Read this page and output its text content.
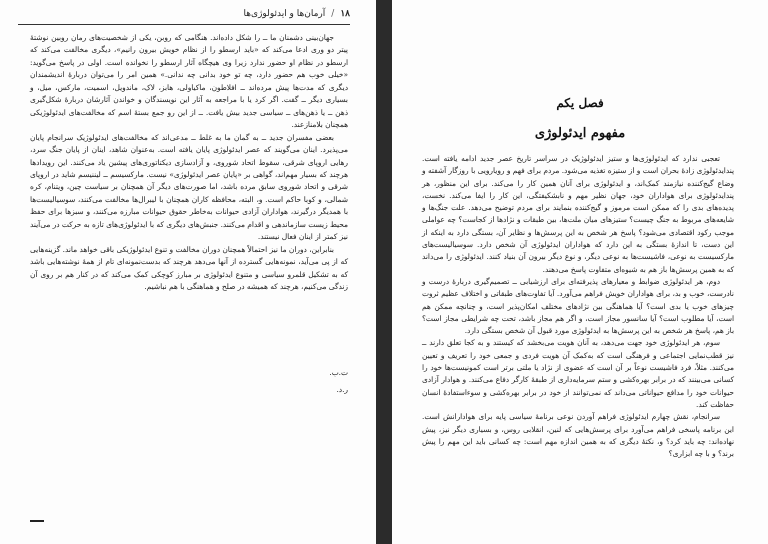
۱۸
/
آرمان‌ها و ایدئولوژی‌ها

جهان‌بینی دشمنان ما ــ را شکل داده‌اند. هنگامی که روبن، یکی از شخصیت‌های رمان روبین نوشتهٔ پیتر دو وری ادعا می‌کند که «باید ارسطو را از نظام خویش بیرون رانیم»، دیگری مخالفت می‌کند که ارسطو در نظام او حضور ندارد زیرا وی هیچگاه آثار ارسطو را نخوانده است. اولی در پاسخ می‌گوید: «خیلی خوب هم حضور دارد، چه تو خود بدانی چه ندانی.» همین امر را می‌توان دربارهٔ اندیشمندان دیگری که مدت‌ها پیش مرده‌اند ــ افلاطون، ماکیاولی، هابز، لاک، ماندویل، اسمیت، مارکس، میل، و بسیاری دیگر ــ گفت. اگر کرد یا با مراجعه به آثار این نویسندگان و خواندن آثارشان دربارهٔ شکل‌گیری ذهن ــ یا ذهن‌های ــ سیاسی جدید بیش یافت. ــ از این رو جمع بستهٔ اسم که مخالفت‌های ایدئولوژیکی همچنان بلامنازعند.

بعضی مفسران جدید ــ به گمان ما به غلط ــ مدعی‌اند که مخالفت‌های ایدئولوژیک سرانجام پایان می‌پذیرد. اینان می‌گویند که عصر ایدئولوژی پایان یافته است. به‌عنوان شاهد، اینان از پایان جنگ سرد، رهایی اروپای شرقی، سقوط اتحاد شوروی، و آزادسازی دیکتاتوری‌های پیشین یاد می‌کنند. این رویدادها هرچند که بسیار مهم‌اند، گواهی بر «پایان عصر ایدئولوژی» نیست. مارکسیسم ــ لیننیسم شاید در اروپای شرقی و اتحاد شوروی سابق مرده باشد، اما صورت‌های دیگر آن همچنان بر سیاست چین، ویتنام، کره شمالی، و کوبا حاکم است. و، البته، محافظه کاران همچنان با لیبرال‌ها مخالفت می‌کنند، سوسیالیست‌ها با همدیگر درگیرند، هواداران آزادی حیوانات به‌خاطر حقوق حیوانات مبارزه می‌کنند، و سبزها برای حفظ محیط زیست سازماندهی و اقدام می‌کنند. جنبش‌های دیگری که با ایدئولوژی‌های تازه به حرکت در می‌آیند نیز کمتر از اینان فعال نیستند.

بنابراین، دوران ما نیز احتمالاً همچنان دوران مخالفت و تنوع ایدئولوژیکی باقی خواهد ماند. گزینه‌هایی که از پی می‌آید، نمونه‌هایی گسترده از آنها می‌دهد هرچند که بدست‌نمونه‌ای تام از همهٔ نوشته‌هایی باشد که به تشکیل قلمرو سیاسی و متنوع ایدئولوژی بر مبارز کوچکی کمک می‌کند که در کنار هم بر روی آن زندگی می‌کنیم، هرچند که همیشه در صلح و هماهنگی با هم نباشیم.

ت.ب.
ر.د.
فصل یکم
مفهوم ایدئولوژی

تعجبی ندارد که ایدئولوژی‌ها و ستیز ایدئولوژیک در سراسر تاریخ عصر جدید ادامه یافته است. پندایدئولوژی زادهٔ بحران است و از ستیزه تغذیه می‌شود. مردم برای فهم و رویارویی با روزگار آشفته و وضاع گیج‌کننده نیازمند کمک‌اند، و ایدئولوژی برای آنان همین کار را می‌کند. برای این منظور، هر پندایدئولوژی برای هواداران خود، جهان نظیر مهم و نابشکیفتگی، این کار را ایفا می‌کند. نخست، پدیده‌های بدی را که ممکن است مرموز و گیج‌کننده بنمایند برای مردم توضیح می‌دهد. علت جنگ‌ها و شایعه‌های مربوط به جنگ چیست؟ ستیزهای میان ملت‌ها، بین طبقات و نژادها از کجاست؟ چه عواملی موجب رکود اقتصادی می‌شود؟ پاسخ هر شخص به این پرسش‌ها و نظایر آن، بستگی دارد به اینکه از این دست، تا اندازهٔ بستگی به این دارد که هواداران ایدئولوژی آن شخص دارد. سوسیالیست‌های مارکسیست به نوعی، فاشیست‌ها به نوعی دیگر، و نوع دیگر بیرون آن بنیاد کنند. ایدئولوژی را می‌داند که به همین پرسش‌ها باز هم به شیوه‌ای متفاوت پاسخ می‌دهند.

دوم، هر ایدئولوژی ضوابط و معیارهای پذیرفته‌ای برای ارزشیابی ــ تصمیم‌گیری دربارهٔ درست و نادرست، خوب و بد، برای هواداران خویش فراهم می‌آورد. آیا تفاوت‌های طبقاتی و اختلاف عظیم ثروت چیزهای خوب یا بدی است؟ آیا هماهنگی بین نژادهای مختلف امکان‌پذیر است، و چنانچه ممکن هم است، آیا مطلوب است؟ آیا سانسور مجاز است، و اگر هم مجاز باشد، تحت چه شرایطی مجاز است؟ باز هم، پاسخ هر شخص به این پرسش‌ها به ایدئولوژی مورد قبول آن شخص بستگی دارد.

سوم، هر ایدئولوژی خود جهت می‌دهد، به آنان هویت می‌بخشد که کیستند و به کجا تعلق دارند ــ نیز قطب‌نمایی اجتماعی و فرهنگی است که به‌کمک آن هویت فردی و جمعی خود را تعریف و تعیین می‌کنند. مثلاً، فرد فاشیست نوعاً بر آن است که عضوی از نژاد یا ملتی برتر است کمونیست‌ها خود را کسانی می‌بینند که در برابر بهره‌کشی و ستم سرمایه‌داری از طبقهٔ کارگر دفاع می‌کنند. و هوادار آزادی حیوانات خود را مدافع حیواناتی می‌داند که نمی‌توانند از خود در برابر بهره‌کشی و سوءاستفادهٔ انسان حفاظت کند.

سرانجام، نقش چهارم ایدئولوژی فراهم آوردن نوعی برنامهٔ سیاسی پایه برای هوادارانش است. این برنامه پاسخی فراهم می‌آورد برای پرسش‌هایی که لنین، انقلابی روس، و بسیاری دیگر نیز، پیش نهاده‌اند: چه باید کرد؟ و، نکتهٔ دیگری که به همین اندازه مهم است: چه کسانی باید این مهم را پیش برند؟ و با چه ابزاری؟
